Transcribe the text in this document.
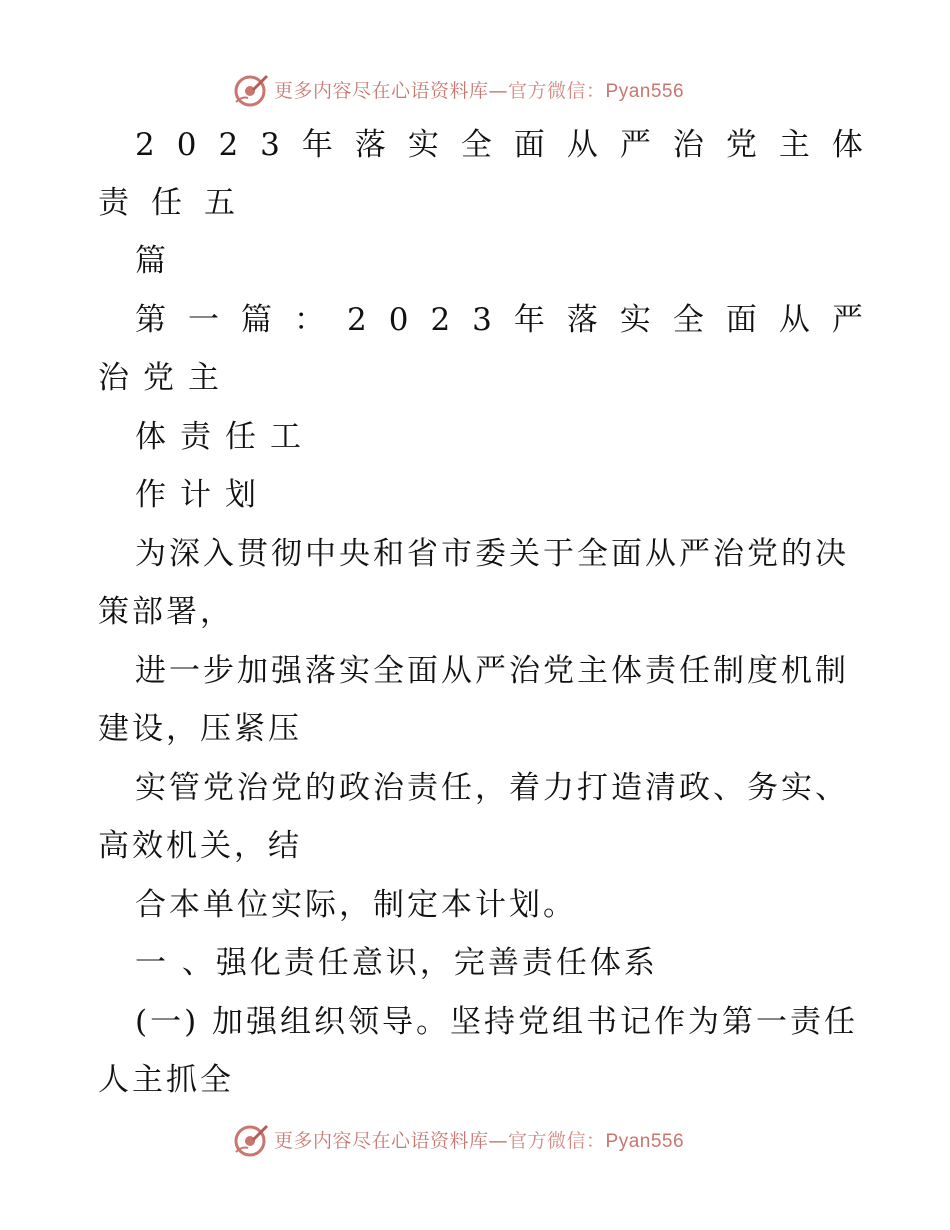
更多内容尽在心语资料库—官方微信：Pyan556
2023年落实全面从严治党主体
责任五
篇
第一篇：2023年落实全面从严
治党主
体责任工
作计划
为深入贯彻中央和省市委关于全面从严治党的决
策部署，
进一步加强落实全面从严治党主体责任制度机制
建设，压紧压
实管党治党的政治责任，着力打造清政、务实、
高效机关，结
合本单位实际，制定本计划。
一 、强化责任意识，完善责任体系
(一) 加强组织领导。坚持党组书记作为第一责任
人主抓全
更多内容尽在心语资料库—官方微信：Pyan556
